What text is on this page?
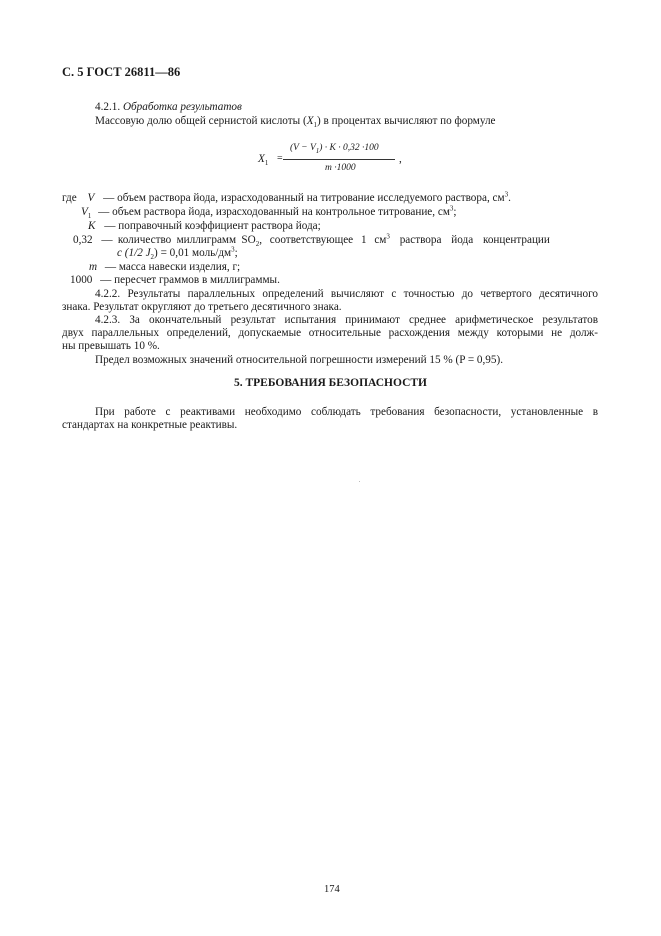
С. 5 ГОСТ 26811—86
4.2.1. Обработка результатов
Массовую долю общей сернистой кислоты $(X_1)$ в процентах вычисляют по формуле
$X_1$ =
$(V - V_1) \cdot K \cdot 0,32 \cdot 100$
m ·1000
,
где V — объем раствора йода, израсходованный на титрование исследуемого раствора, $см^3$.
$V_1$ — объем раствора йода, израсходованный на контрольное титрование, $см^3$;
K — поправочный коэффициент раствора йода;
0,32 — количество миллиграмм $SO_2$, соответствующее 1 $см^3$ раствора йода концентрации
c (1/2 $J_2) = 0,01$ моль/$дм^3$;
m — масса навески изделия, г;
1000 — пересчет граммов в миллиграммы.
4.2.2. Результаты параллельных определений вычисляют с точностью до четвертого десятичного
знака. Результат округляют до третьего десятичного знака.
4.2.3. За окончательный результат испытания принимают среднее арифметическое результатов
двух параллельных определений, допускаемые относительные расхождения между которыми не долж-
ны превышать 10 %.
Предел возможных значений относительной погрешности измерений 15 % (P = 0,95).
5. ТРЕБОВАНИЯ БЕЗОПАСНОСТИ
При работе с реактивами необходимо соблюдать требования безопасности, установленные в
стандартах на конкретные реактивы.
174
